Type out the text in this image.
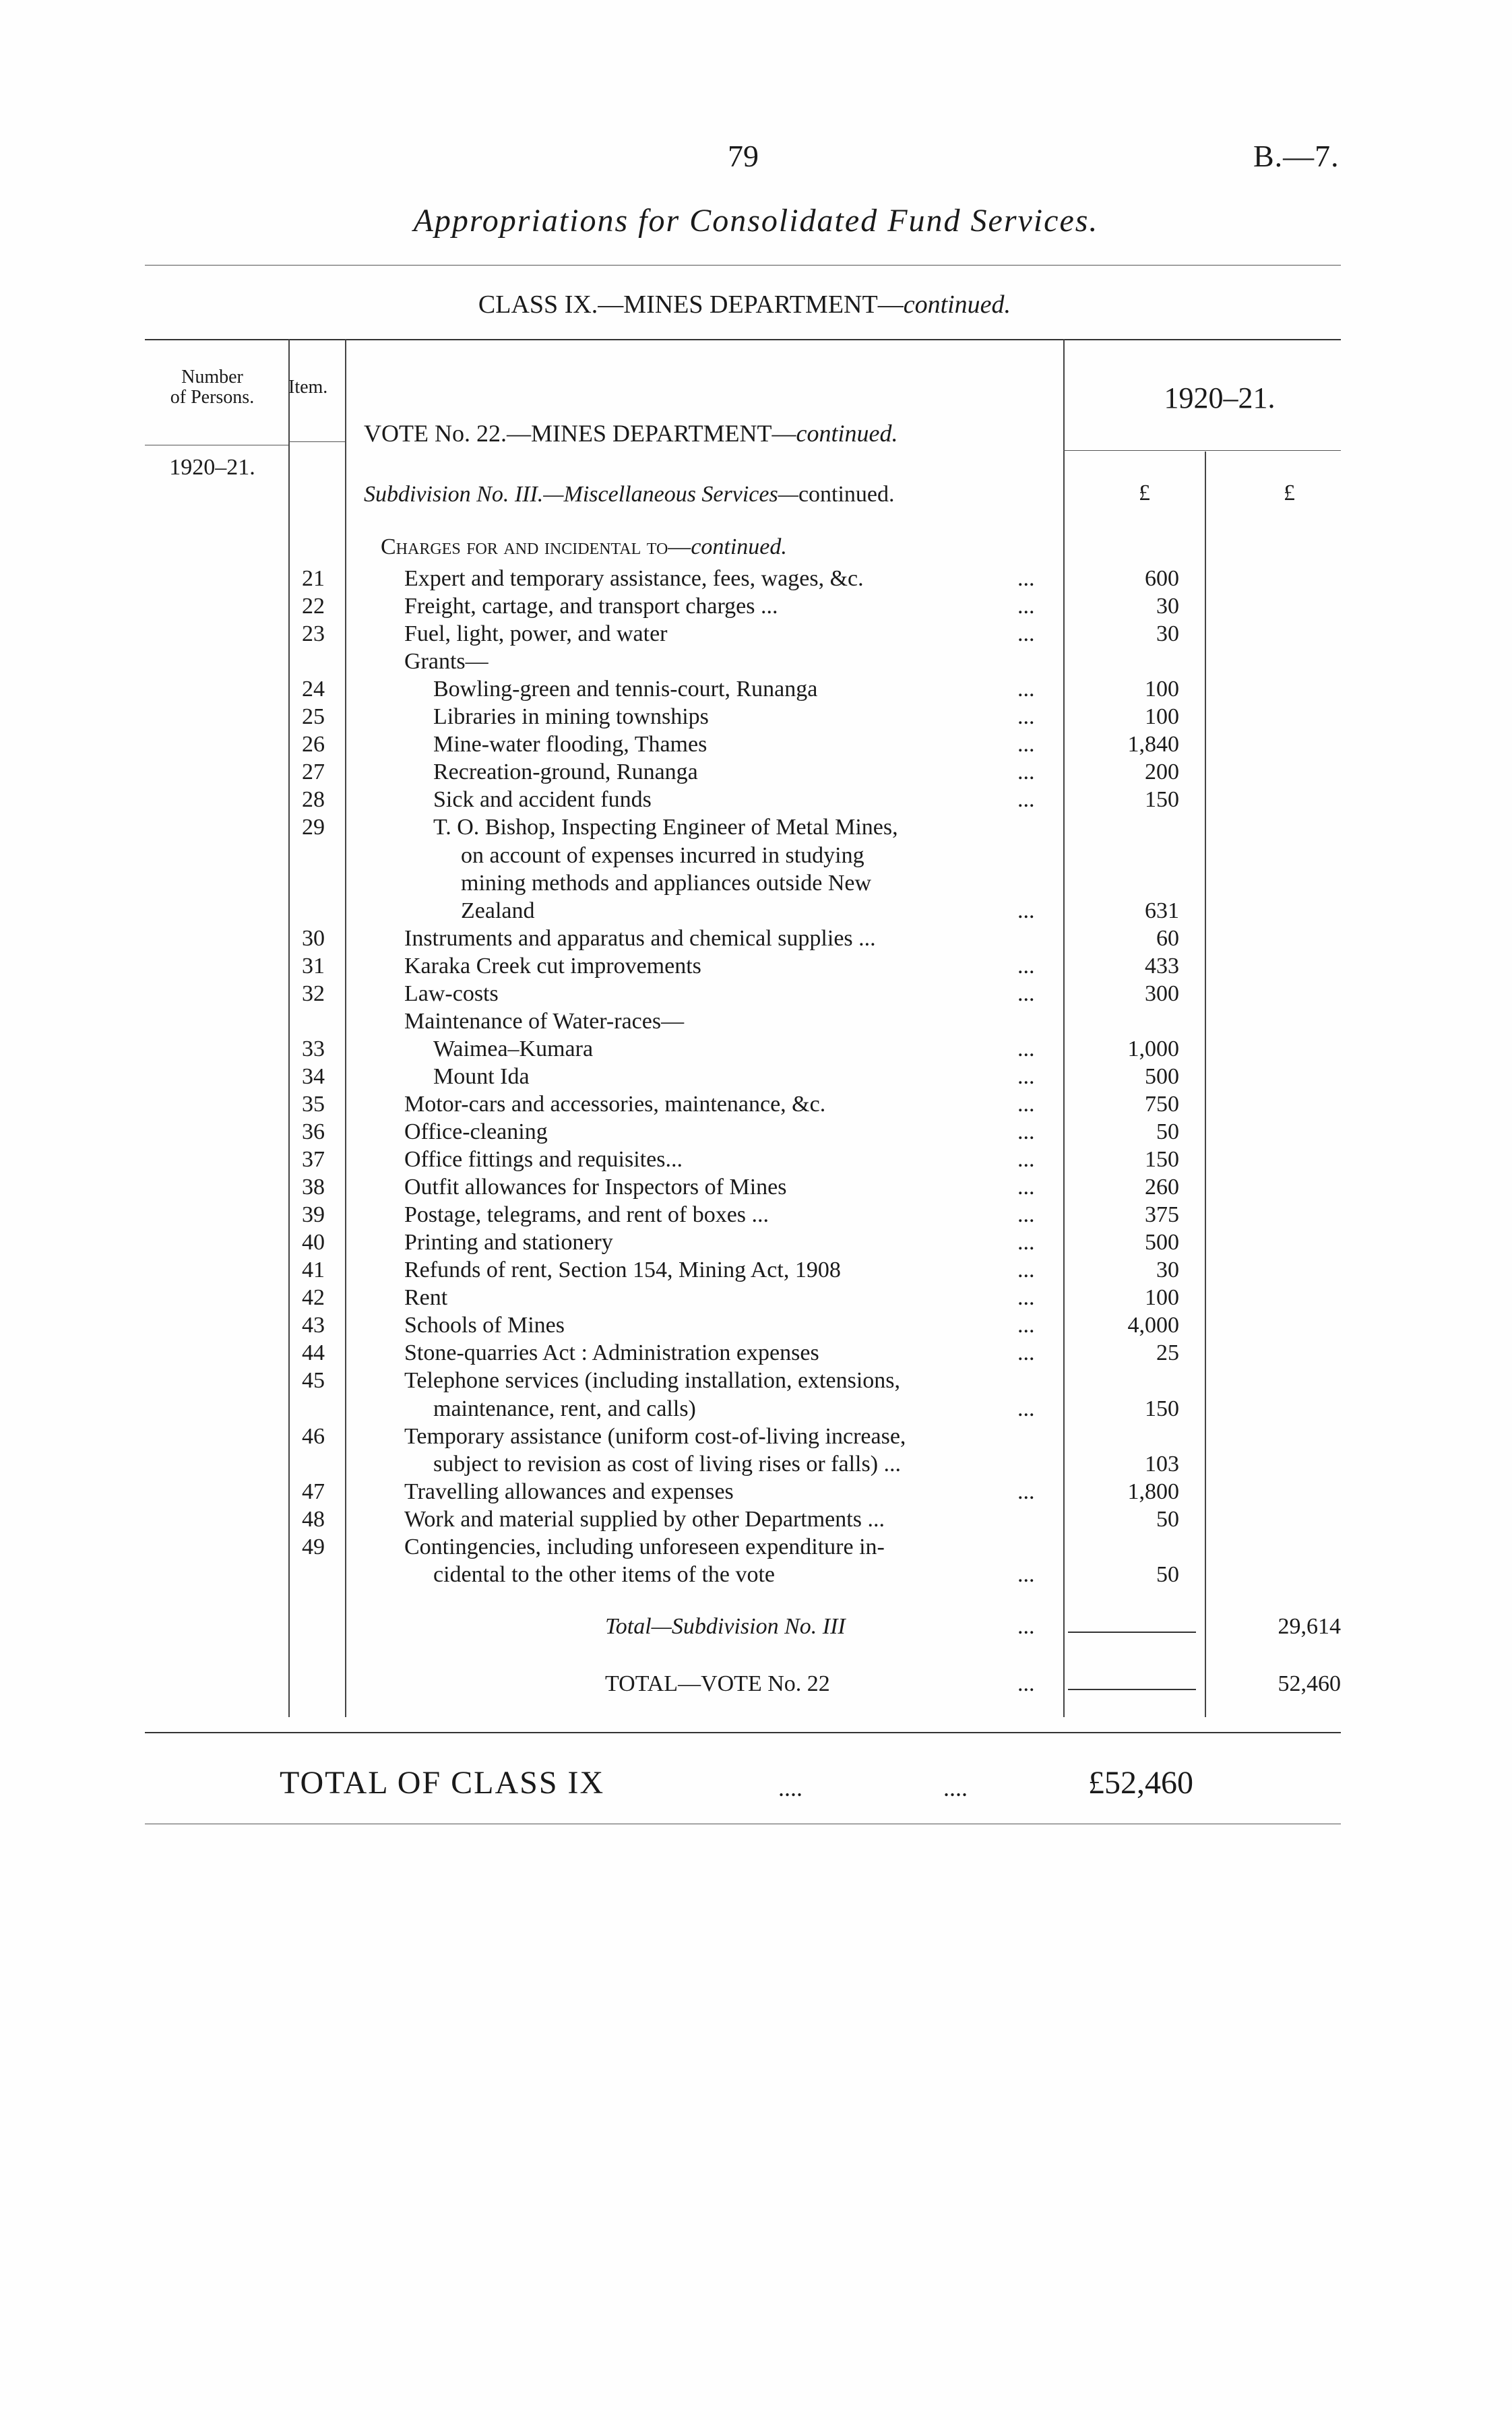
79	B.—7.
Appropriations for Consolidated Fund Services.
CLASS IX.—MINES DEPARTMENT—continued.
Number
of Persons.	Item.	1920–21.
1920–21.
VOTE No. 22.—MINES DEPARTMENT—continued.
Subdivision No. III.—Miscellaneous Services—continued.	£	£
Charges for and incidental to—continued.
21	Expert and temporary assistance, fees, wages, &c.	...	600
22	Freight, cartage, and transport charges ...	...	30
23	Fuel, light, power, and water	...	30
Grants—
24	Bowling-green and tennis-court, Runanga	...	100
25	Libraries in mining townships	...	100
26	Mine-water flooding, Thames	...	1,840
27	Recreation-ground, Runanga	...	200
28	Sick and accident funds	...	150
29	T. O. Bishop, Inspecting Engineer of Metal Mines,
on account of expenses incurred in studying
mining methods and appliances outside New
Zealand	...	631
30	Instruments and apparatus and chemical supplies ...	60
31	Karaka Creek cut improvements	...	433
32	Law-costs	...	300
Maintenance of Water-races—
33	Waimea–Kumara	...	1,000
34	Mount Ida	...	500
35	Motor-cars and accessories, maintenance, &c.	...	750
36	Office-cleaning	...	50
37	Office fittings and requisites...	...	150
38	Outfit allowances for Inspectors of Mines	...	260
39	Postage, telegrams, and rent of boxes ...	...	375
40	Printing and stationery	...	500
41	Refunds of rent, Section 154, Mining Act, 1908	...	30
42	Rent	...	100
43	Schools of Mines	...	4,000
44	Stone-quarries Act : Administration expenses	...	25
45	Telephone services (including installation, extensions,
maintenance, rent, and calls)	...	150
46	Temporary assistance (uniform cost-of-living increase,
subject to revision as cost of living rises or falls) ...	103
47	Travelling allowances and expenses	...	1,800
48	Work and material supplied by other Departments ...	50
49	Contingencies, including unforeseen expenditure in-
cidental to the other items of the vote	...	50
Total—Subdivision No. III	...	29,614
TOTAL—VOTE No. 22	...	52,460
TOTAL OF CLASS IX	....	....	£52,460
